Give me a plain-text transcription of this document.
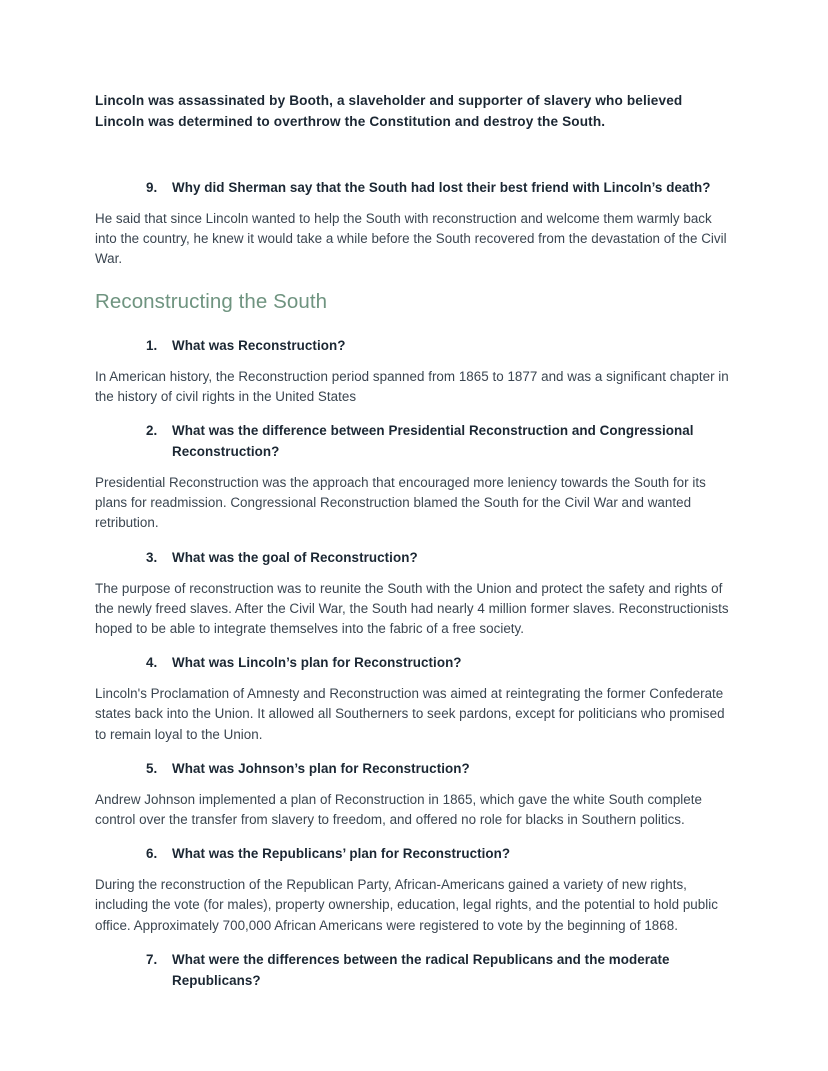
Lincoln was assassinated by Booth, a slaveholder and supporter of slavery who believed Lincoln was determined to overthrow the Constitution and destroy the South.

9.	Why did Sherman say that the South had lost their best friend with Lincoln’s death?

He said that since Lincoln wanted to help the South with reconstruction and welcome them warmly back into the country, he knew it would take a while before the South recovered from the devastation of the Civil War.

Reconstructing the South
1.	What was Reconstruction?

In American history, the Reconstruction period spanned from 1865 to 1877 and was a significant chapter in the history of civil rights in the United States

2.	What was the difference between Presidential Reconstruction and Congressional Reconstruction?

Presidential Reconstruction was the approach that encouraged more leniency towards the South for its plans for readmission. Congressional Reconstruction blamed the South for the Civil War and wanted retribution.

3.	What was the goal of Reconstruction?

The purpose of reconstruction was to reunite the South with the Union and protect the safety and rights of the newly freed slaves. After the Civil War, the South had nearly 4 million former slaves. Reconstructionists hoped to be able to integrate themselves into the fabric of a free society.

4.	What was Lincoln’s plan for Reconstruction?

Lincoln's Proclamation of Amnesty and Reconstruction was aimed at reintegrating the former Confederate states back into the Union. It allowed all Southerners to seek pardons, except for politicians who promised to remain loyal to the Union.

5.	What was Johnson’s plan for Reconstruction?

Andrew Johnson implemented a plan of Reconstruction in 1865, which gave the white South complete control over the transfer from slavery to freedom, and offered no role for blacks in Southern politics.

6.	What was the Republicans’ plan for Reconstruction?

During the reconstruction of the Republican Party, African-Americans gained a variety of new rights, including the vote (for males), property ownership, education, legal rights, and the potential to hold public office. Approximately 700,000 African Americans were registered to vote by the beginning of 1868.

7.	What were the differences between the radical Republicans and the moderate Republicans?
